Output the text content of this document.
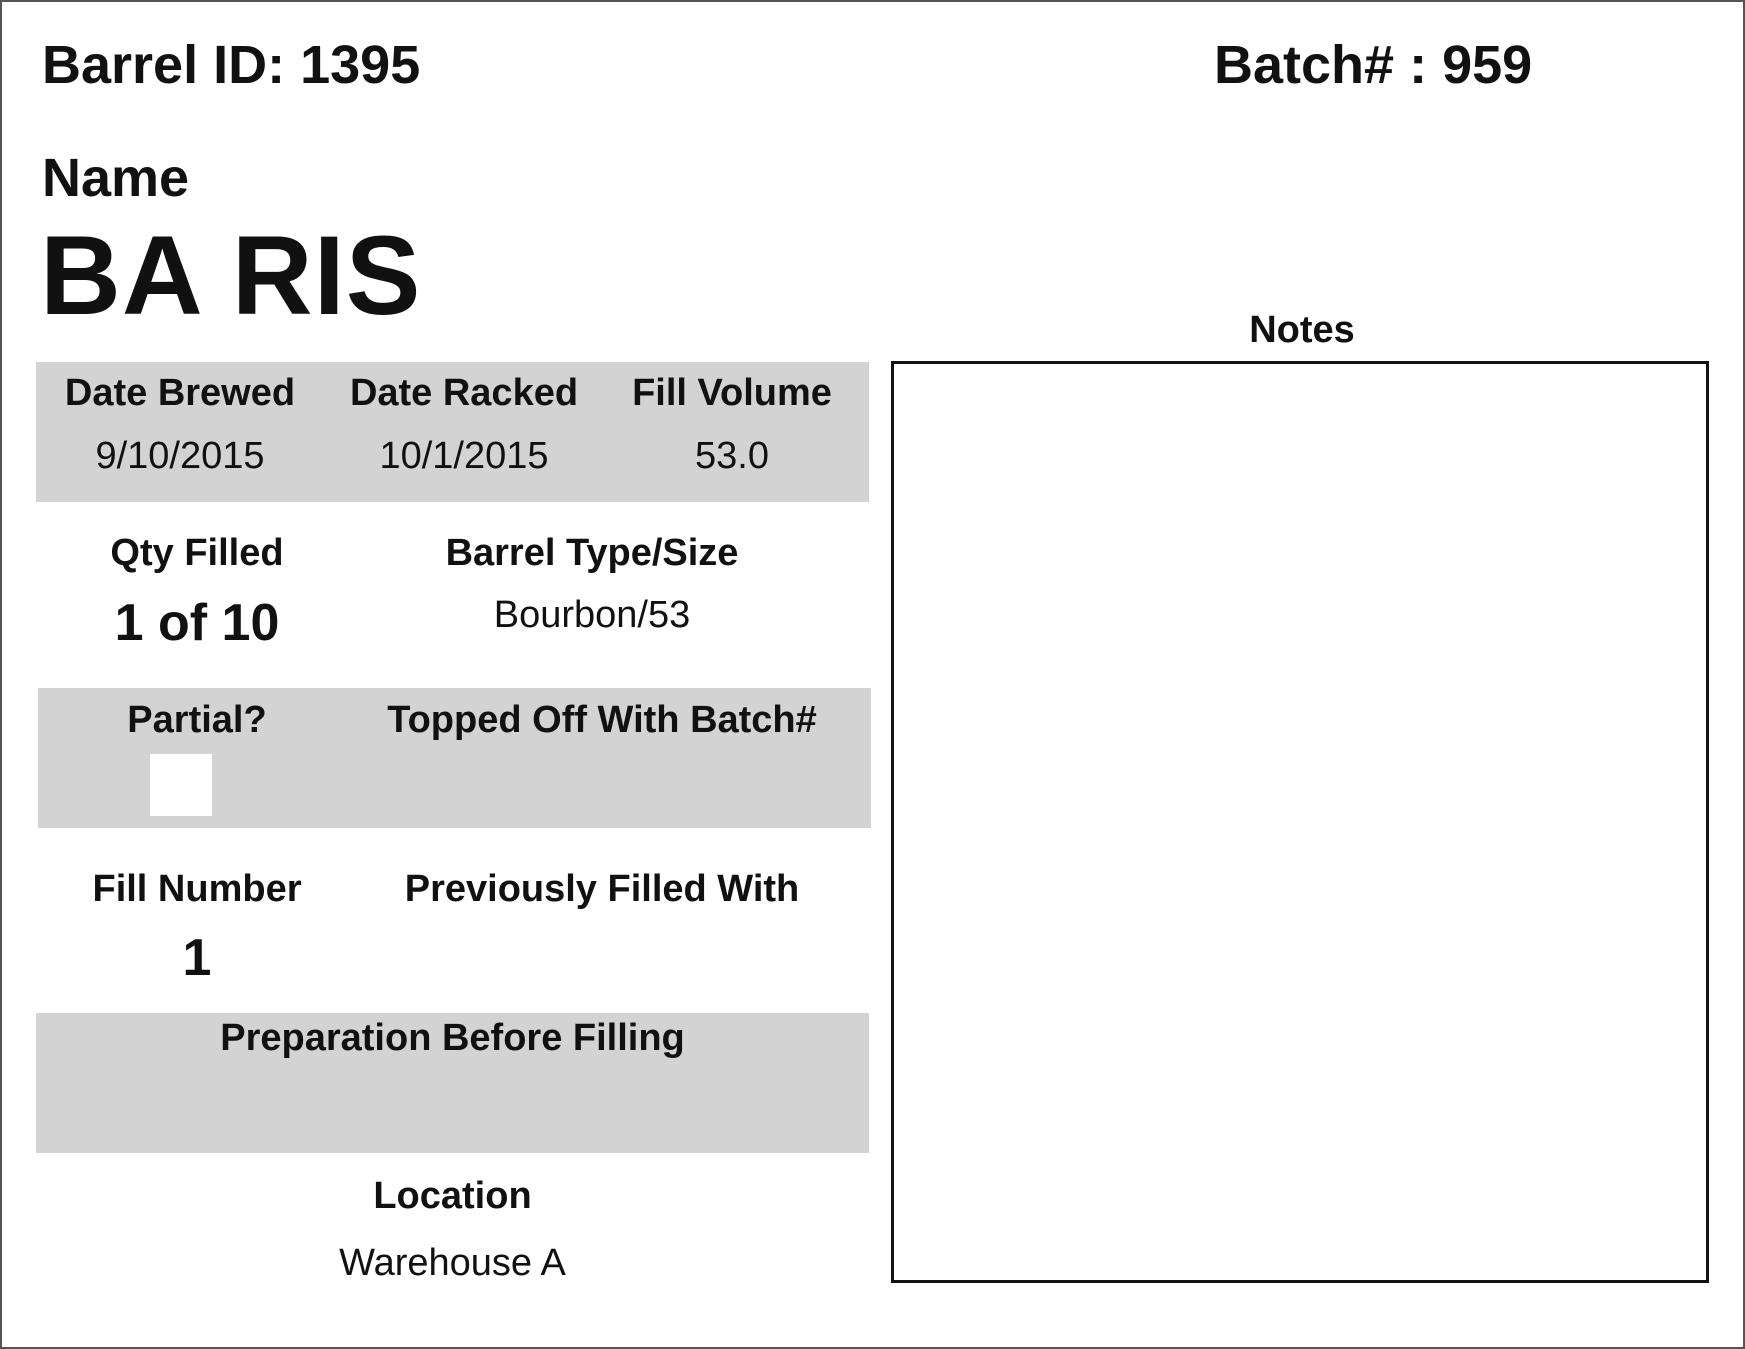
Barrel ID: 1395	Batch# : 959
Name
BA RIS
Date Brewed
9/10/2015
Date Racked
10/1/2015
Fill Volume
53.0
Qty Filled
1 of 10
Barrel Type/Size
Bourbon/53
Partial?	Topped Off With Batch#
Fill Number
1
Previously Filled With
Preparation Before Filling
Location
Warehouse A
Notes
